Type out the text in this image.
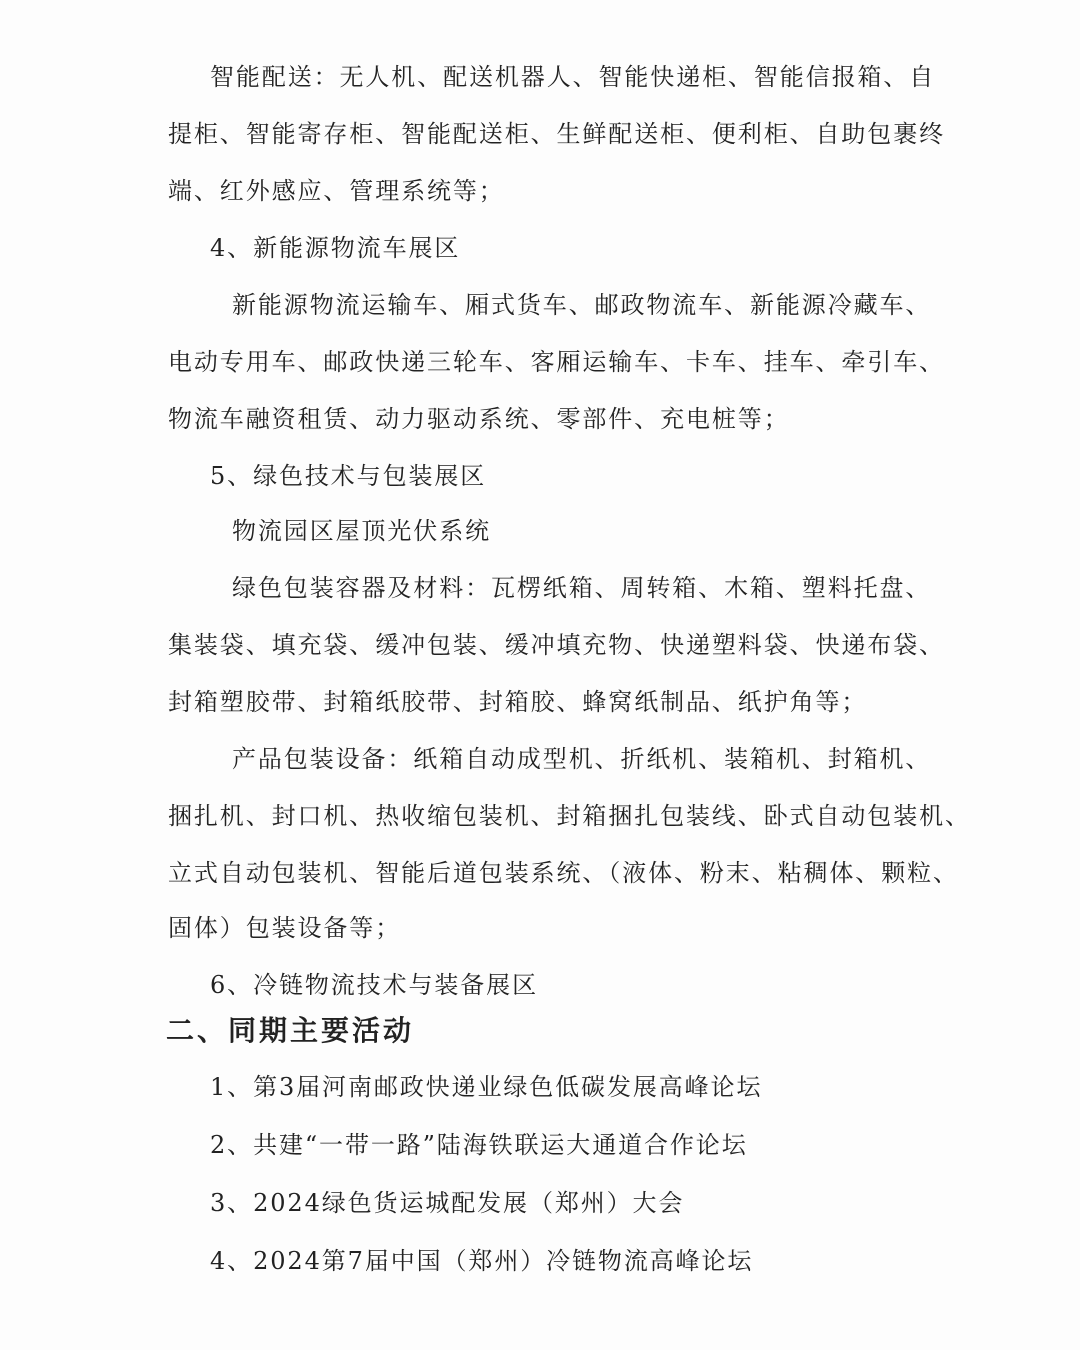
智能配送：无人机、配送机器人、智能快递柜、智能信报箱、自
提柜、智能寄存柜、智能配送柜、生鲜配送柜、便利柜、自助包裹终
端、红外感应、管理系统等；
4、新能源物流车展区
新能源物流运输车、厢式货车、邮政物流车、新能源冷藏车、
电动专用车、邮政快递三轮车、客厢运输车、卡车、挂车、牵引车、
物流车融资租赁、动力驱动系统、零部件、充电桩等；
5、绿色技术与包装展区
物流园区屋顶光伏系统
绿色包装容器及材料：瓦楞纸箱、周转箱、木箱、塑料托盘、
集装袋、填充袋、缓冲包装、缓冲填充物、快递塑料袋、快递布袋、
封箱塑胶带、封箱纸胶带、封箱胶、蜂窝纸制品、纸护角等；
产品包装设备：纸箱自动成型机、折纸机、装箱机、封箱机、
捆扎机、封口机、热收缩包装机、封箱捆扎包装线、卧式自动包装机、
立式自动包装机、智能后道包装系统、（液体、粉末、粘稠体、颗粒、
固体）包装设备等；
6、冷链物流技术与装备展区
二、同期主要活动
1、第3届河南邮政快递业绿色低碳发展高峰论坛
2、共建“一带一路”陆海铁联运大通道合作论坛
3、2024绿色货运城配发展（郑州）大会
4、2024第7届中国（郑州）冷链物流高峰论坛
